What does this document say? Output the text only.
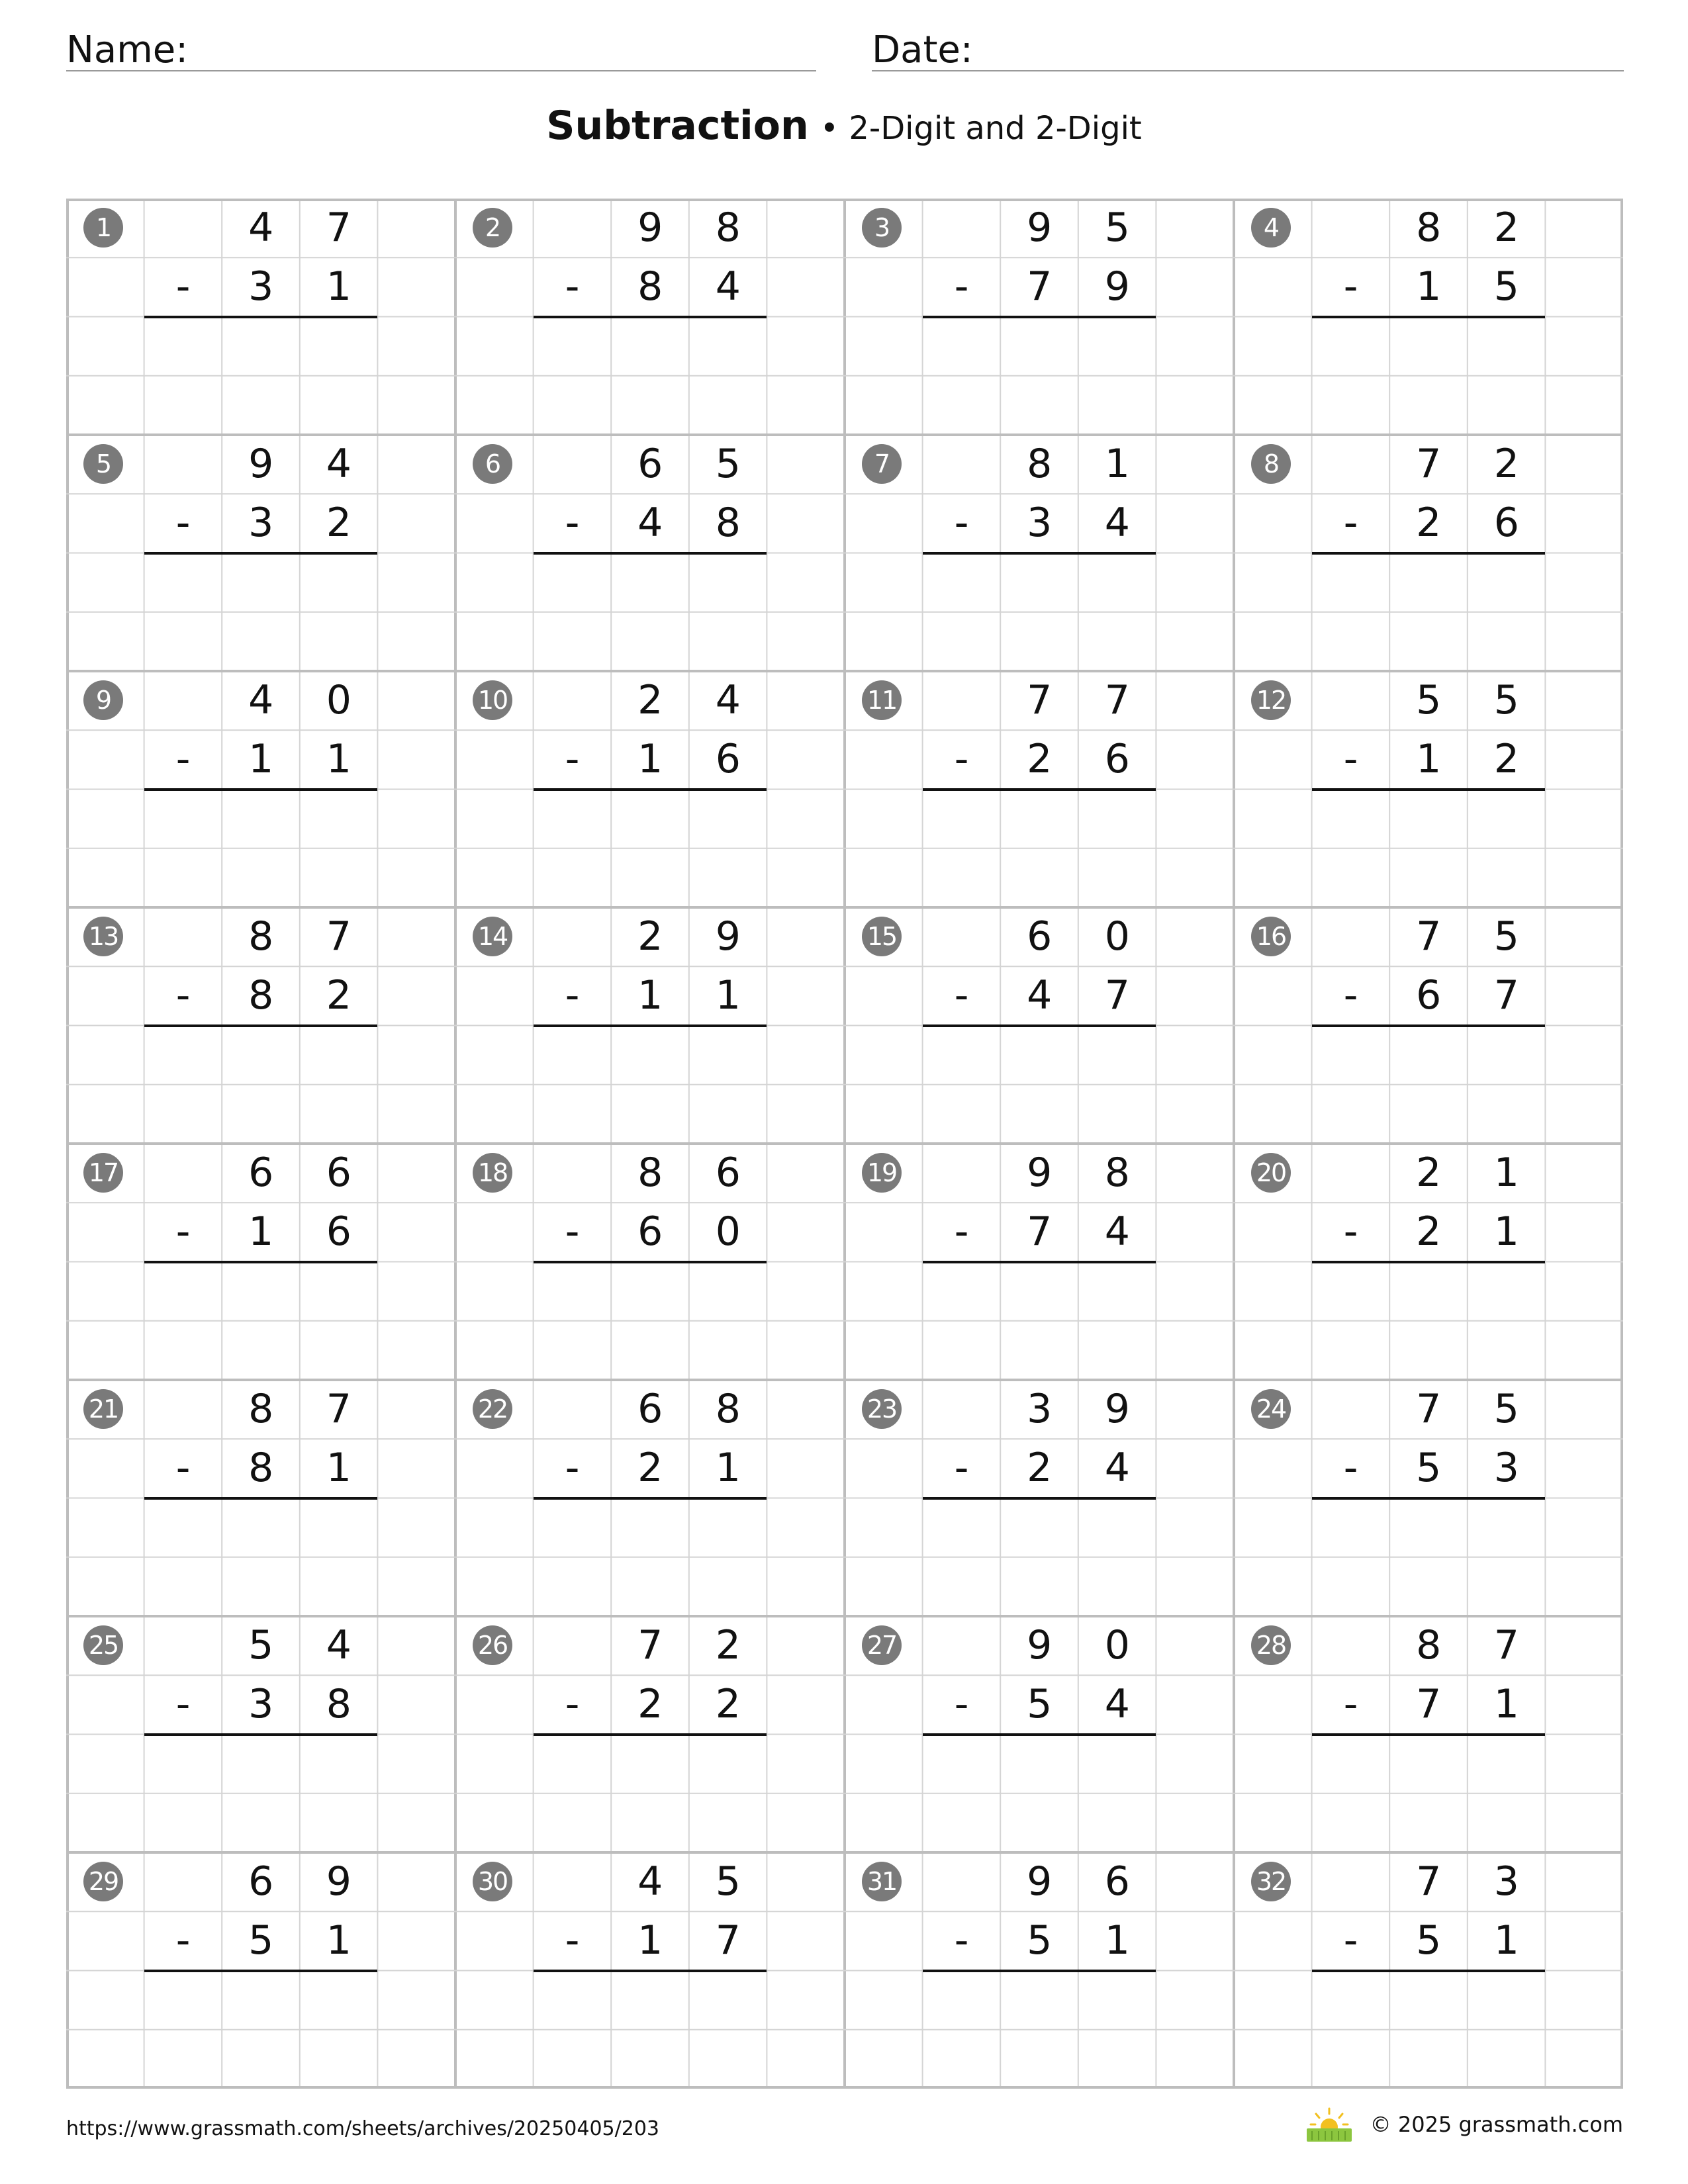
Name:	Date:
Subtraction • 2-Digit and 2-Digit
1	4	7
-	3	1
2	9	8
-	8	4
3	9	5
-	7	9
4	8	2
-	1	5
5	9	4
-	3	2
6	6	5
-	4	8
7	8	1
-	3	4
8	7	2
-	2	6
9	4	0
-	1	1
10	2	4
-	1	6
11	7	7
-	2	6
12	5	5
-	1	2
13	8	7
-	8	2
14	2	9
-	1	1
15	6	0
-	4	7
16	7	5
-	6	7
17	6	6
-	1	6
18	8	6
-	6	0
19	9	8
-	7	4
20	2	1
-	2	1
21	8	7
-	8	1
22	6	8
-	2	1
23	3	9
-	2	4
24	7	5
-	5	3
25	5	4
-	3	8
26	7	2
-	2	2
27	9	0
-	5	4
28	8	7
-	7	1
29	6	9
-	5	1
30	4	5
-	1	7
31	9	6
-	5	1
32	7	3
-	5	1
https://www.grassmath.com/sheets/archives/20250405/203	© 2025 grassmath.com
